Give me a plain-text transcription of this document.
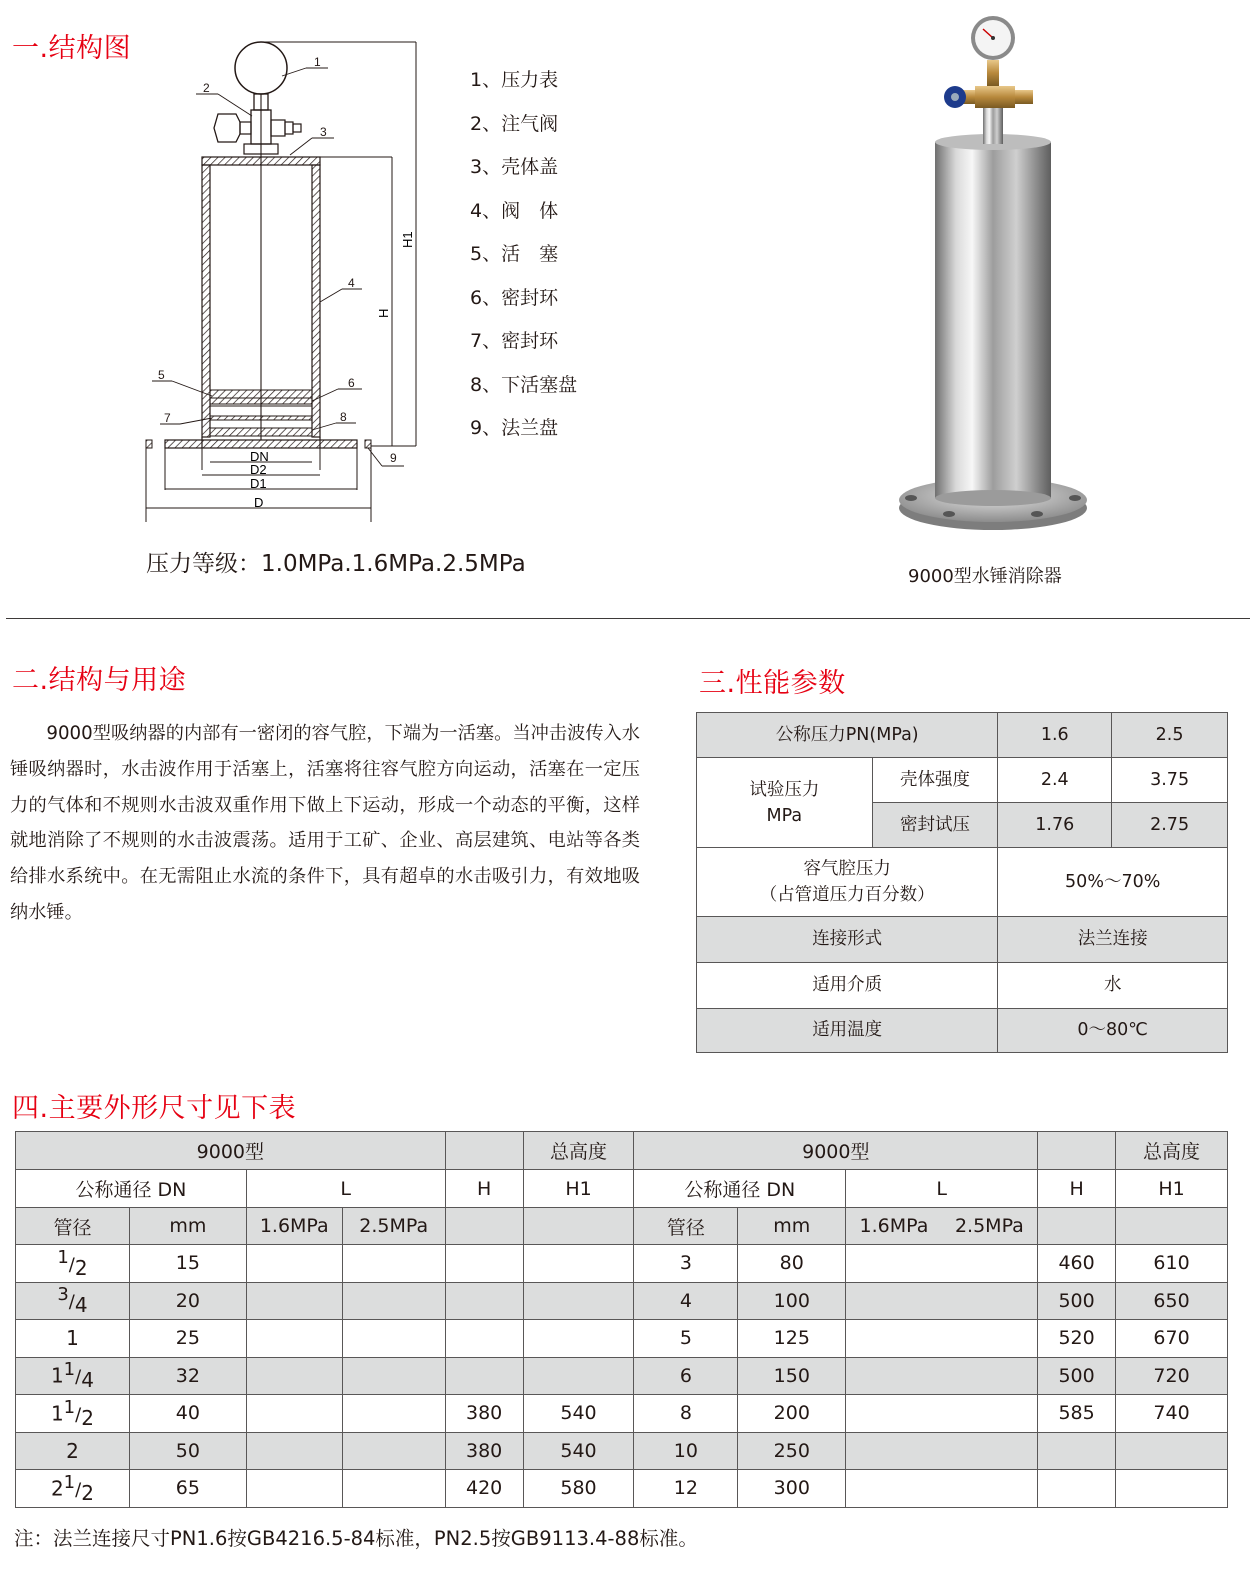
一.结构图
H1
H
DN
D2
D1
D
1
2
3
4
5
6
7	8
9
1、压力表
2、注气阀
3、壳体盖
4、阀　体
5、活　塞
6、密封环
7、密封环
8、下活塞盘
9、法兰盘
压力等级：1.0MPa.1.6MPa.2.5MPa	9000型水锤消除器
二.结构与用途

9000型吸纳器的内部有一密闭的容气腔，下端为一活塞。当冲击波传入水锤吸纳器时，水击波作用于活塞上，活塞将往容气腔方向运动，活塞在一定压力的气体和不规则水击波双重作用下做上下运动，形成一个动态的平衡，这样就地消除了不规则的水击波震荡。适用于工矿、企业、高层建筑、电站等各类给排水系统中。在无需阻止水流的条件下，具有超卓的水击吸引力，有效地吸纳水锤。

三.性能参数
公称压力PN(MPa)		1.6	2.5

试验压力
MPa	壳体强度	2.4	3.75
	密封试压	1.76	2.75

容气腔压力
（占管道压力百分数）		50%～70%	
连接形式		法兰连接	
适用介质		水	
适用温度		0～80℃	
四.主要外形尺寸见下表
9000型					总高度	9000型					总高度
公称通径 DN		L		H	H1	公称通径 DN		L		H	H1
管径	mm	1.6MPa	2.5MPa			管径	mm	1.6MPa	2.5MPa		
$^1/_2$	15					3	80			460	610
$^3/_4$	20					4	100			500	650
1	25					5	125			520	670
$1^1/_4$	32					6	150			500	720
$1^1/_2$	40			380	540	8	200			585	740
2	50			380	540	10	250				
$2^1/_2$	65			420	580	12	300				
注：法兰连接尺寸PN1.6按GB4216.5-84标准，PN2.5按GB9113.4-88标准。
